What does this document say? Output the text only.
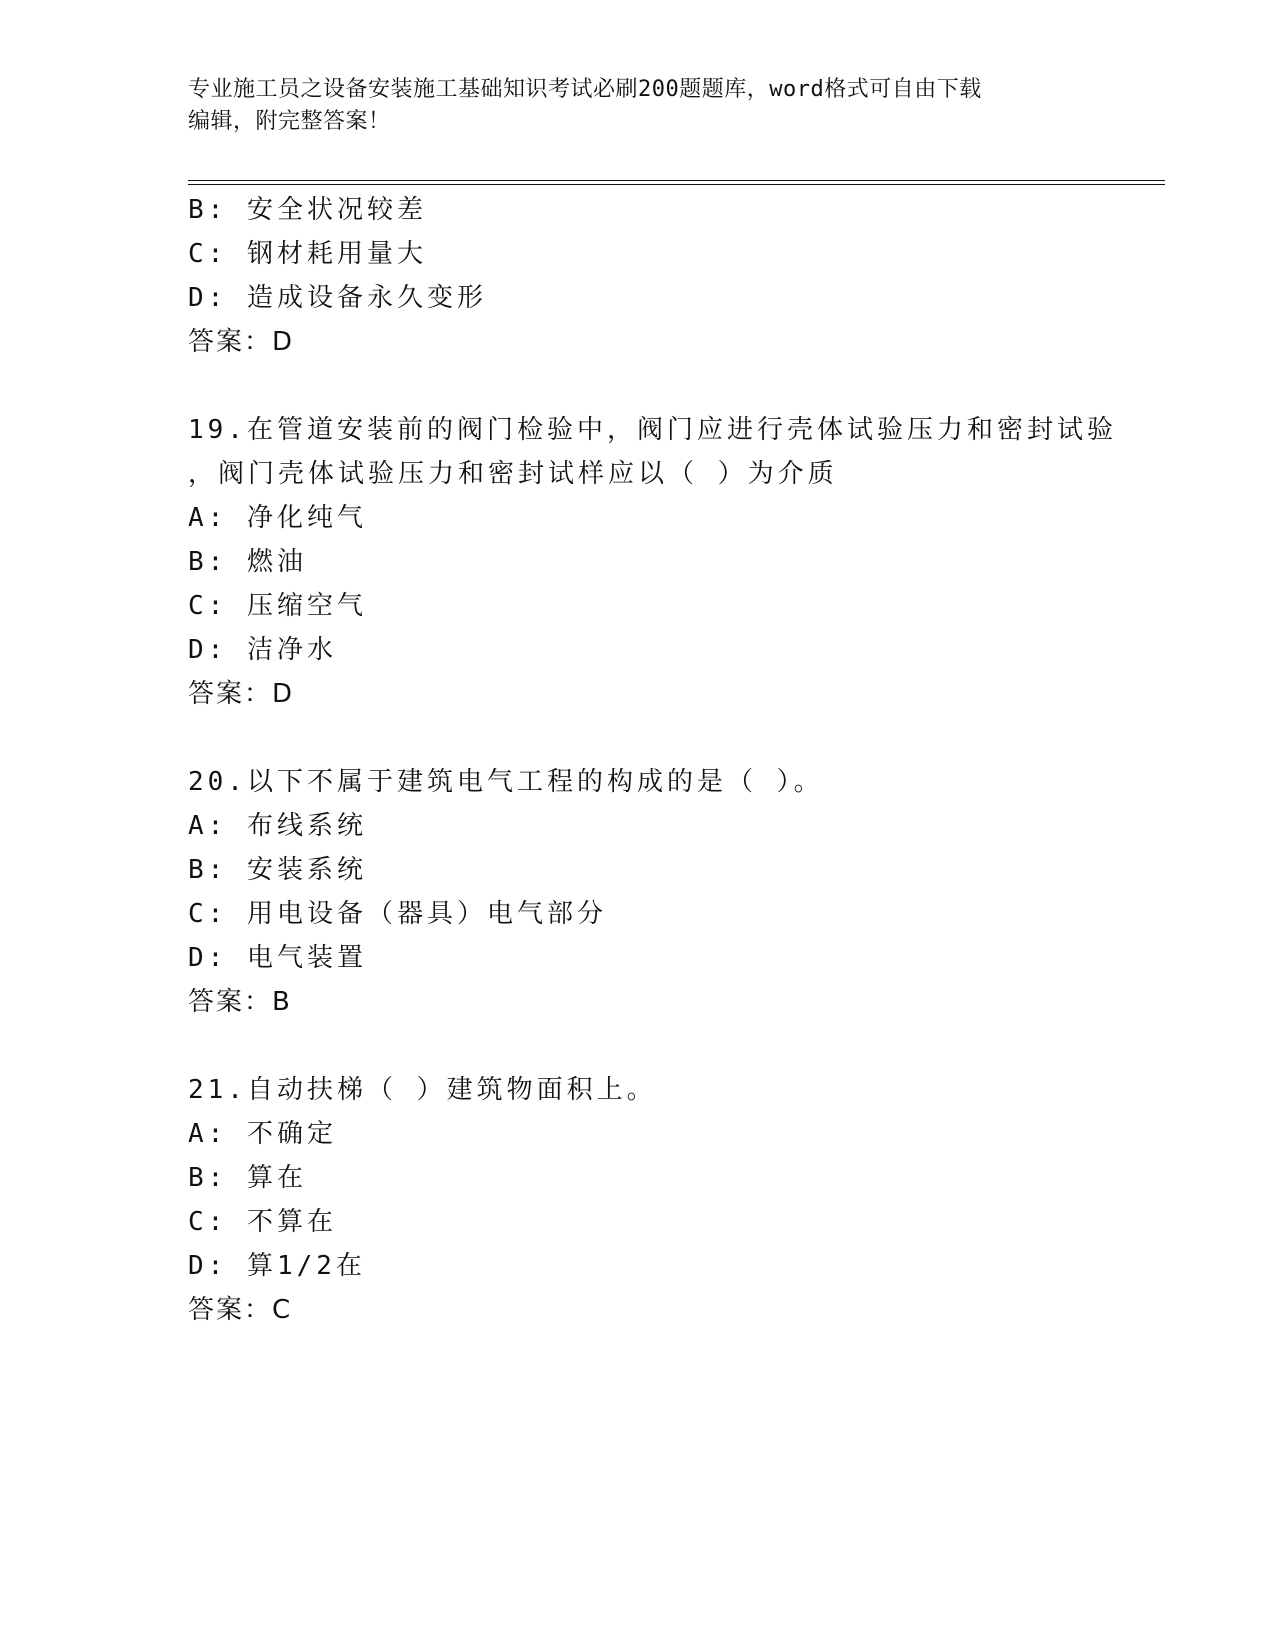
专业施工员之设备安装施工基础知识考试必刷200题题库，word格式可自由下载
编辑，附完整答案！
B: 安全状况较差
C: 钢材耗用量大
D: 造成设备永久变形
答案：D
19.在管道安装前的阀门检验中，阀门应进行壳体试验压力和密封试验
，阀门壳体试验压力和密封试样应以（ ）为介质
A: 净化纯气
B: 燃油
C: 压缩空气
D: 洁净水
答案：D
20.以下不属于建筑电气工程的构成的是（ ）。
A: 布线系统
B: 安装系统
C: 用电设备（器具）电气部分
D: 电气装置
答案：B
21.自动扶梯（ ）建筑物面积上。
A: 不确定
B: 算在
C: 不算在
D: 算1/2在
答案：C
